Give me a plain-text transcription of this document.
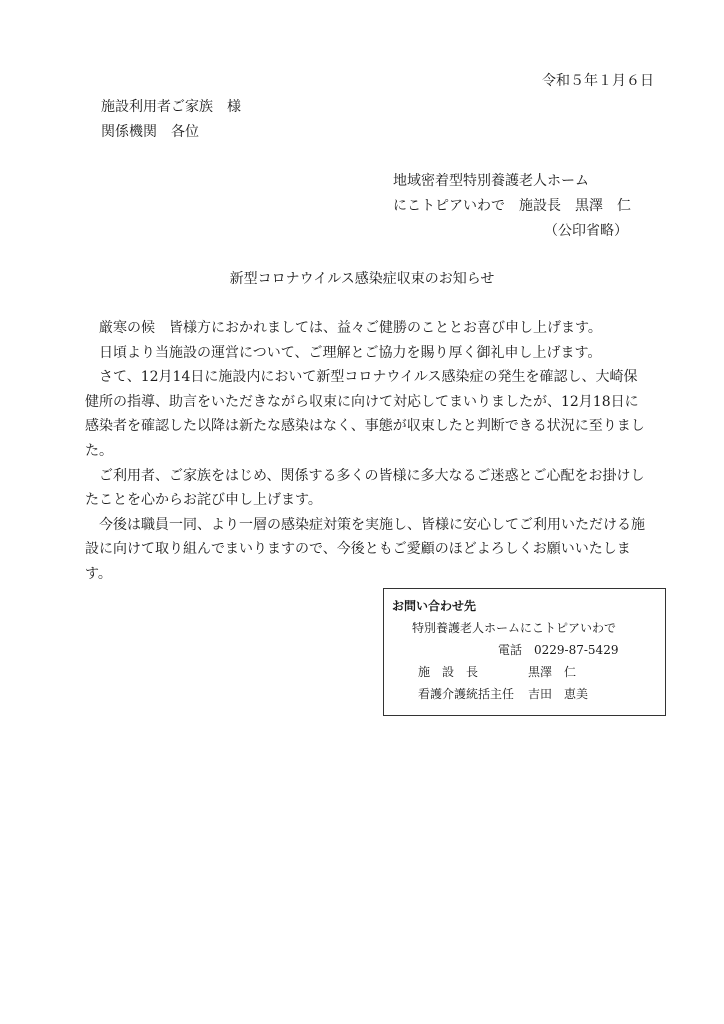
令和５年１月６日
施設利用者ご家族　様
関係機関 各位
地域密着型特別養護老人ホーム
にこトピアいわで　施設長　黒澤　仁
（公印省略）
新型コロナウイルス感染症収束のお知らせ

厳寒の候　皆様方におかれましては、益々ご健勝のこととお喜び申し上げます。

日頃より当施設の運営について、ご理解とご協力を賜り厚く御礼申し上げます。

さて、12月14日に施設内において新型コロナウイルス感染症の発生を確認し、大崎保健所の指導、助言をいただきながら収束に向けて対応してまいりましたが、12月18日に感染者を確認した以降は新たな感染はなく、事態が収束したと判断できる状況に至りました。

ご利用者、ご家族をはじめ、関係する多くの皆様に多大なるご迷惑とご心配をお掛けしたことを心からお詫び申し上げます。

今後は職員一同、より一層の感染症対策を実施し、皆様に安心してご利用いただける施設に向けて取り組んでまいりますので、今後ともご愛顧のほどよろしくお願いいたします。

お問い合わせ先
特別養護老人ホームにこトピアいわで
電話　0229-87-5429
施　設　長	黒澤　仁
看護介護統括主任 吉田　恵美
